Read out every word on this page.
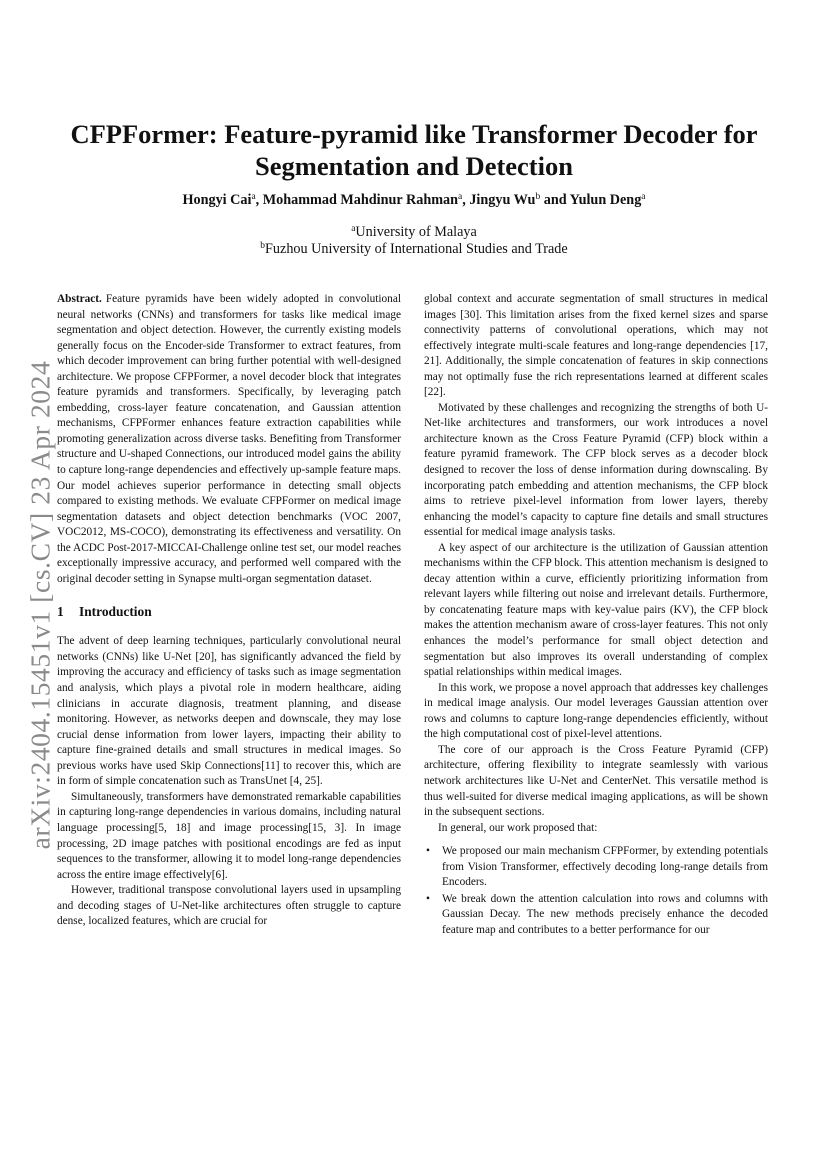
arXiv:2404.15451v1 [cs.CV] 23 Apr 2024
CFPFormer: Feature-pyramid like Transformer Decoder for Segmentation and Detection
Hongyi Cai$^a$, Mohammad Mahdinur Rahman$^a$, Jingyu Wu$^b$ and Yulun Deng$^a$
$^a$University of Malaya
$^b$Fuzhou University of International Studies and Trade

Abstract. Feature pyramids have been widely adopted in convolutional neural networks (CNNs) and transformers for tasks like medical image segmentation and object detection. However, the currently existing models generally focus on the Encoder-side Transformer to extract features, from which decoder improvement can bring further potential with well-designed architecture. We propose CFPFormer, a novel decoder block that integrates feature pyramids and transformers. Specifically, by leveraging patch embedding, cross-layer feature concatenation, and Gaussian attention mechanisms, CFPFormer enhances feature extraction capabilities while promoting generalization across diverse tasks. Benefiting from Transformer structure and U-shaped Connections, our introduced model gains the ability to capture long-range dependencies and effectively up-sample feature maps. Our model achieves superior performance in detecting small objects compared to existing methods. We evaluate CFPFormer on medical image segmentation datasets and object detection benchmarks (VOC 2007, VOC2012, MS-COCO), demonstrating its effectiveness and versatility. On the ACDC Post-2017-MICCAI-Challenge online test set, our model reaches exceptionally impressive accuracy, and performed well compared with the original decoder setting in Synapse multi-organ segmentation dataset.

1	Introduction

The advent of deep learning techniques, particularly convolutional neural networks (CNNs) like U-Net [20], has significantly advanced the field by improving the accuracy and efficiency of tasks such as image segmentation and analysis, which plays a pivotal role in modern healthcare, aiding clinicians in accurate diagnosis, treatment planning, and disease monitoring. However, as networks deepen and downscale, they may lose crucial dense information from lower layers, impacting their ability to capture fine-grained details and small structures in medical images. So previous works have used Skip Connections[11] to recover this, which are in form of simple concatenation such as TransUnet [4, 25].

Simultaneously, transformers have demonstrated remarkable capabilities in capturing long-range dependencies in various domains, including natural language processing[5, 18] and image processing[15, 3]. In image processing, 2D image patches with positional encodings are fed as input sequences to the transformer, allowing it to model long-range dependencies across the entire image effectively[6].

However, traditional transpose convolutional layers used in upsampling and decoding stages of U-Net-like architectures often struggle to capture dense, localized features, which are crucial for

global context and accurate segmentation of small structures in medical images [30]. This limitation arises from the fixed kernel sizes and sparse connectivity patterns of convolutional operations, which may not effectively integrate multi-scale features and long-range dependencies [17, 21]. Additionally, the simple concatenation of features in skip connections may not optimally fuse the rich representations learned at different scales [22].

Motivated by these challenges and recognizing the strengths of both U-Net-like architectures and transformers, our work introduces a novel architecture known as the Cross Feature Pyramid (CFP) block within a feature pyramid framework. The CFP block serves as a decoder block designed to recover the loss of dense information during downscaling. By incorporating patch embedding and attention mechanisms, the CFP block aims to retrieve pixel-level information from lower layers, thereby enhancing the model’s capacity to capture fine details and small structures essential for medical image analysis tasks.

A key aspect of our architecture is the utilization of Gaussian attention mechanisms within the CFP block. This attention mechanism is designed to decay attention within a curve, efficiently prioritizing information from relevant layers while filtering out noise and irrelevant details. Furthermore, by concatenating feature maps with key-value pairs (KV), the CFP block makes the attention mechanism aware of cross-layer features. This not only enhances the model’s performance for small object detection and segmentation but also improves its overall understanding of complex spatial relationships within medical images.

In this work, we propose a novel approach that addresses key challenges in medical image analysis. Our model leverages Gaussian attention over rows and columns to capture long-range dependencies efficiently, without the high computational cost of pixel-level attentions.

The core of our approach is the Cross Feature Pyramid (CFP) architecture, offering flexibility to integrate seamlessly with various network architectures like U-Net and CenterNet. This versatile method is thus well-suited for diverse medical imaging applications, as will be shown in the subsequent sections.

In general, our work proposed that:

• We proposed our main mechanism CFPFormer, by extending potentials from Vision Transformer, effectively decoding long-range details from Encoders.
• We break down the attention calculation into rows and columns with Gaussian Decay. The new methods precisely enhance the decoded feature map and contributes to a better performance for our
